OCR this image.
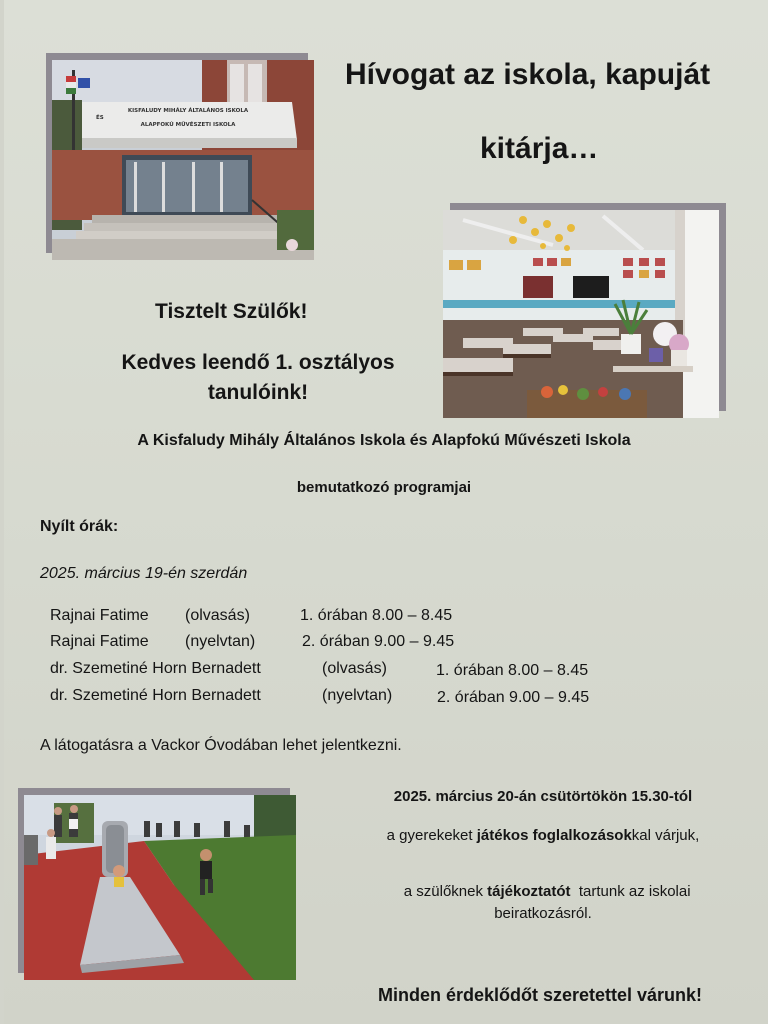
KISFALUDY MIHÁLY ÁLTALÁNOS ISKOLA
ÉS
ALAPFOKÚ MŰVÉSZETI ISKOLA
Hívogat az iskola, kapuját
kitárja…
Tisztelt Szülők!
Kedves leendő 1. osztályos tanulóink!
A Kisfaludy Mihály Általános Iskola és Alapfokú Művészeti Iskola
bemutatkozó programjai
Nyílt órák:
2025. március 19-én szerdán
Rajnai Fatime (olvasás)	1. órában 8.00 – 8.45
Rajnai Fatime (nyelvtan)	2. órában 9.00 – 9.45
dr. Szemetiné Horn Bernadett	(olvasás)	1. órában 8.00 – 8.45
dr. Szemetiné Horn Bernadett	(nyelvtan)	2. órában 9.00 – 9.45
A látogatásra a Vackor Óvodában lehet jelentkezni.
2025. március 20-án csütörtökön 15.30-tól
a gyerekeket játékos foglalkozásokkal várjuk,

a szülőknek tájékoztatót  tartunk az iskolai

beiratkozásról.
Minden érdeklődőt szeretettel várunk!
